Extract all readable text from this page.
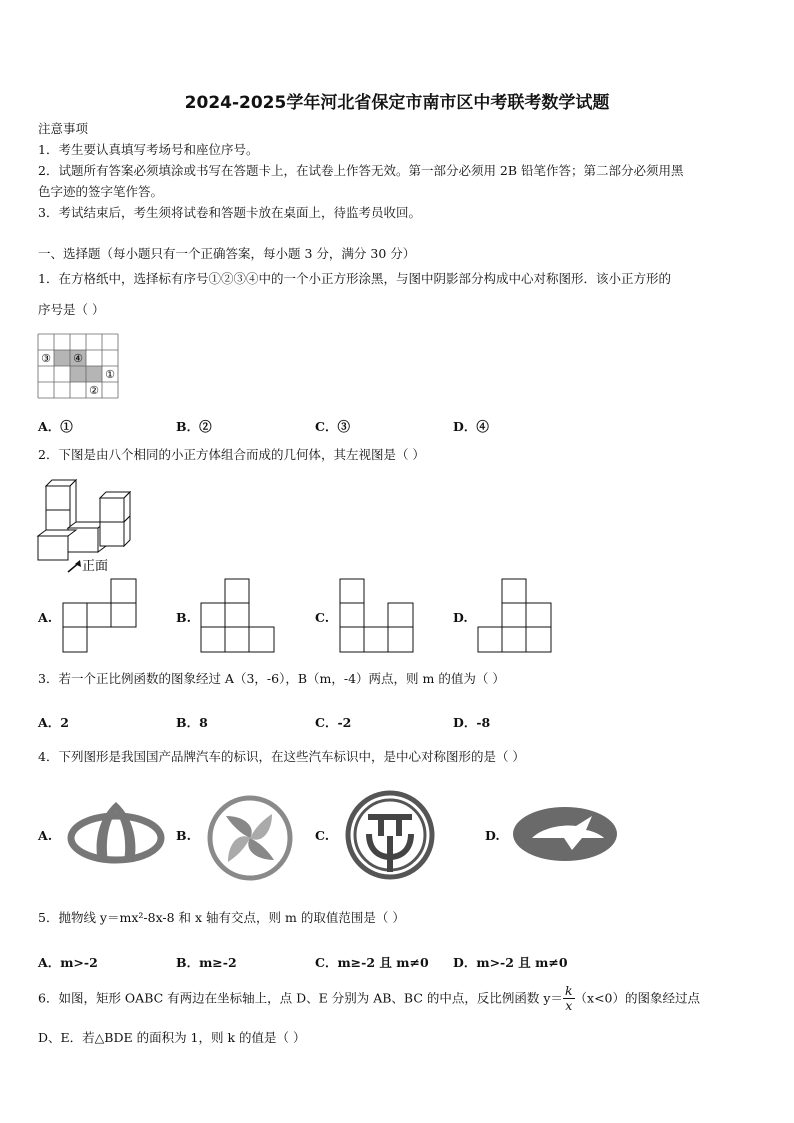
2024-2025学年河北省保定市南市区中考联考数学试题
注意事项
1．考生要认真填写考场号和座位序号。
2．试题所有答案必须填涂或书写在答题卡上，在试卷上作答无效。第一部分必须用 2B 铅笔作答；第二部分必须用黑
色字迹的签字笔作答。
3．考试结束后，考生须将试卷和答题卡放在桌面上，待监考员收回。
一、选择题（每小题只有一个正确答案，每小题 3 分，满分 30 分）
1．在方格纸中，选择标有序号①②③④中的一个小正方形涂黑，与图中阴影部分构成中心对称图形．该小正方形的
序号是（ ）
③ ④
①
②
A．①	B．②	C．③	D．④
2．下图是由八个相同的小正方体组合而成的几何体，其左视图是（ ）
正面
A.	B.	C.	D.
3．若一个正比例函数的图象经过 A（3，-6），B（m，-4）两点，则 m 的值为（ ）
A．2	B．8	C．-2	D．-8
4．下列图形是我国国产品牌汽车的标识，在这些汽车标识中，是中心对称图形的是（ ）
A.	B.	C.	D.
5．抛物线 y＝mx²-8x-8 和 x 轴有交点，则 m 的取值范围是（ ）
A．m>-2	B．m≥-2	C．m≥-2 且 m≠0 D．m>-2 且 m≠0
6．如图，矩形 OABC 有两边在坐标轴上，点 D、E 分别为 AB、BC 的中点，反比例函数 $y= \frac{k}{x} (x<0)$的图象经过点
D、E．若△BDE 的面积为 1，则 k 的值是（ ）
